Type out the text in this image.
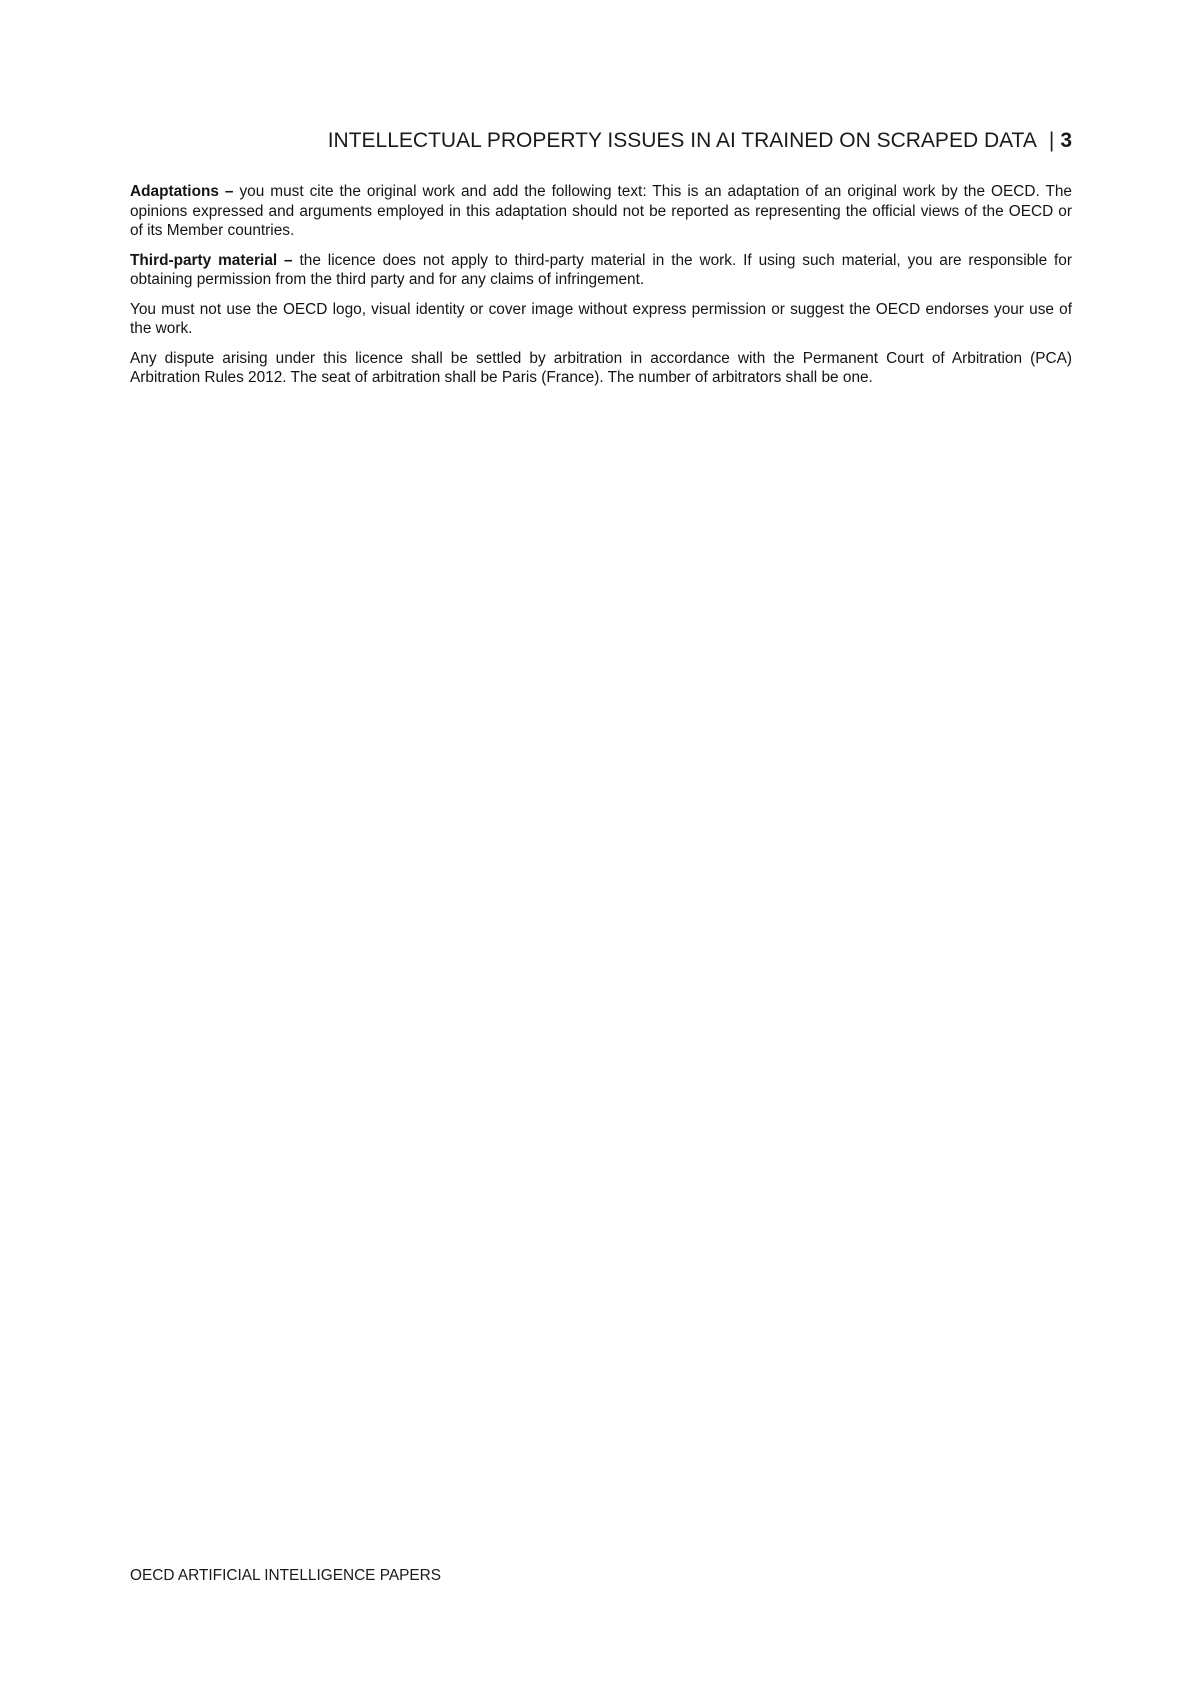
INTELLECTUAL PROPERTY ISSUES IN AI TRAINED ON SCRAPED DATA | 3

Adaptations – you must cite the original work and add the following text: This is an adaptation of an original work by the OECD. The opinions expressed and arguments employed in this adaptation should not be reported as representing the official views of the OECD or of its Member countries.

Third-party material – the licence does not apply to third-party material in the work. If using such material, you are responsible for obtaining permission from the third party and for any claims of infringement.

You must not use the OECD logo, visual identity or cover image without express permission or suggest the OECD endorses your use of the work.

Any dispute arising under this licence shall be settled by arbitration in accordance with the Permanent Court of Arbitration (PCA) Arbitration Rules 2012. The seat of arbitration shall be Paris (France). The number of arbitrators shall be one.

OECD ARTIFICIAL INTELLIGENCE PAPERS
